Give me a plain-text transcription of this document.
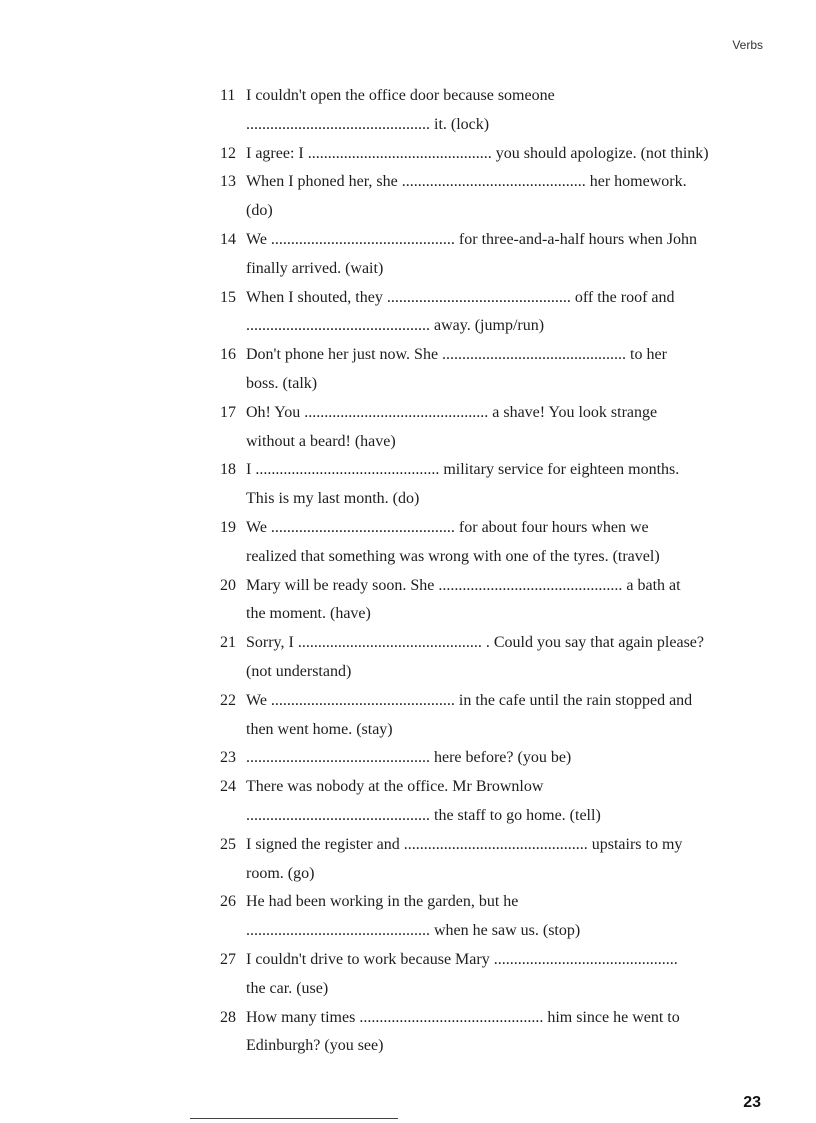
Verbs
11 I couldn't open the office door because someone
.............................................. it. (lock)
12 I agree: I .............................................. you should apologize. (not think)
13 When I phoned her, she .............................................. her homework.
(do)
14 We .............................................. for three-and-a-half hours when John
finally arrived. (wait)
15 When I shouted, they .............................................. off the roof and
.............................................. away. (jump/run)
16 Don't phone her just now. She .............................................. to her
boss. (talk)
17 Oh! You .............................................. a shave! You look strange
without a beard! (have)
18 I .............................................. military service for eighteen months.
This is my last month. (do)
19 We .............................................. for about four hours when we
realized that something was wrong with one of the tyres. (travel)
20 Mary will be ready soon. She .............................................. a bath at
the moment. (have)
21 Sorry, I .............................................. . Could you say that again please?
(not understand)
22 We .............................................. in the cafe until the rain stopped and
then went home. (stay)
23 .............................................. here before? (you be)
24 There was nobody at the office. Mr Brownlow
.............................................. the staff to go home. (tell)
25 I signed the register and .............................................. upstairs to my
room. (go)
26 He had been working in the garden, but he
.............................................. when he saw us. (stop)
27 I couldn't drive to work because Mary ..............................................
the car. (use)
28 How many times .............................................. him since he went to
Edinburgh? (you see)
23
